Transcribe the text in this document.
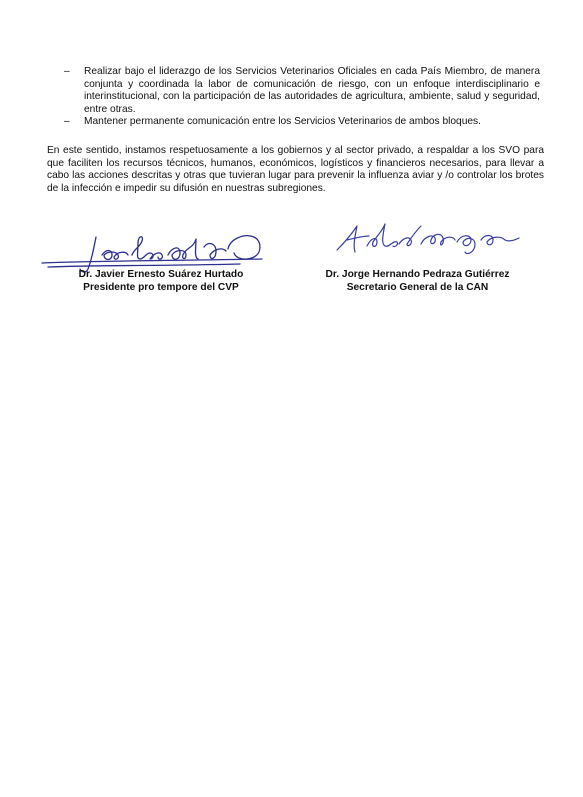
– Realizar bajo el liderazgo de los Servicios Veterinarios Oficiales en cada País Miembro, de manera conjunta y coordinada la labor de comunicación de riesgo, con un enfoque interdisciplinario e interinstitucional, con la participación de las autoridades de agricultura, ambiente, salud y seguridad, entre otras.
– Mantener permanente comunicación entre los Servicios Veterinarios de ambos bloques.

En este sentido, instamos respetuosamente a los gobiernos y al sector privado, a respaldar a los SVO para que faciliten los recursos técnicos, humanos, económicos, logísticos y financieros necesarios, para llevar a cabo las acciones descritas y otras que tuvieran lugar para prevenir la influenza aviar y /o controlar los brotes de la infección e impedir su difusión en nuestras subregiones.

Dr. Javier Ernesto Suárez Hurtado
Presidente pro tempore del CVP
Dr. Jorge Hernando Pedraza Gutiérrez
Secretario General de la CAN
